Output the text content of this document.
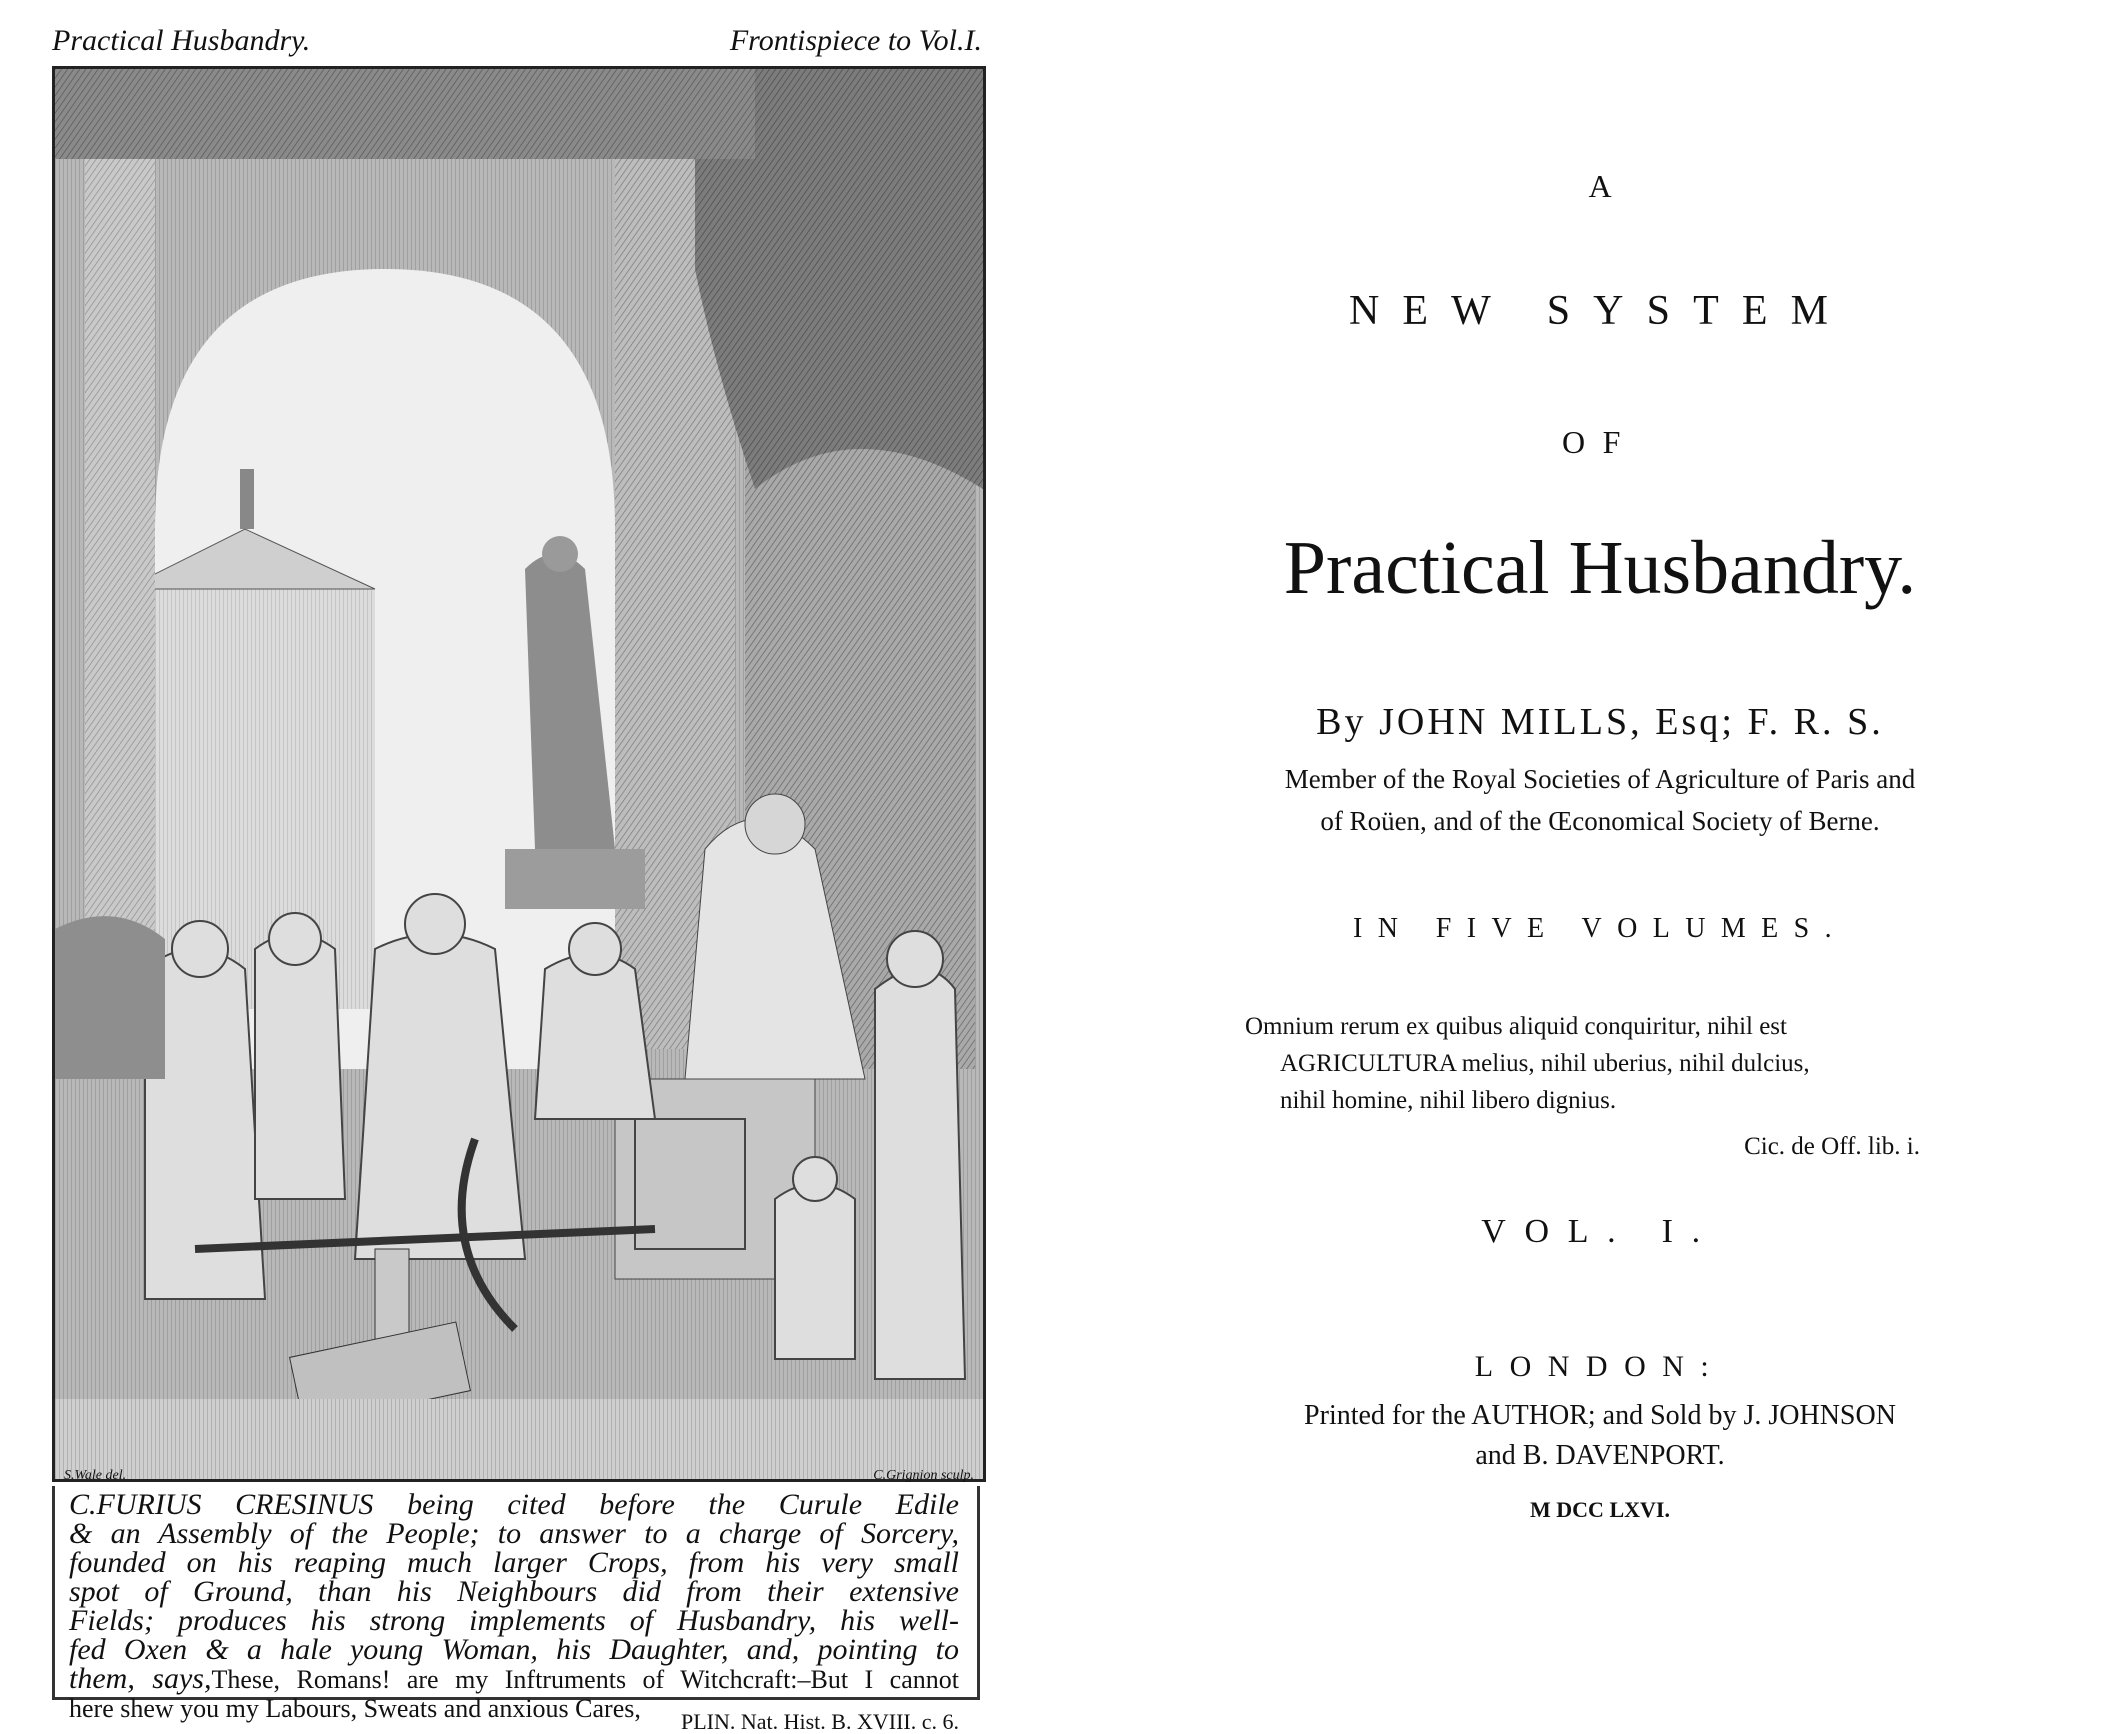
Practical Husbandry.	Frontispiece to Vol.I.
S.Wale del.	C.Grignion sculp.
C.FURIUS CRESINUS being cited before the Curule Edile
& an Assembly of the People; to answer to a charge of Sorcery,
founded on his reaping much larger Crops, from his very small
spot of Ground, than his Neighbours did from their extensive
Fields; produces his strong implements of Husbandry, his well-
fed Oxen & a hale young Woman, his Daughter, and, pointing to
them, says,These, Romans! are my Inftruments of Witchcraft:–But I cannot
here shew you my Labours, Sweats and anxious Cares,	PLIN. Nat. Hist. B. XVIII. c. 6.
A
NEW SYSTEM
OF
Practical Husbandry.
By JOHN MILLS, Esq; F. R. S.
Member of the Royal Societies of Agriculture of Paris and
of Roüen, and of the Œconomical Society of Berne.
IN FIVE VOLUMES.
Omnium rerum ex quibus aliquid conquiritur, nihil est
AGRICULTURA melius, nihil uberius, nihil dulcius,
nihil homine, nihil libero dignius.
Cic. de Off. lib. i.
VOL. I.
LONDON:
Printed for the AUTHOR; and Sold by J. JOHNSON
and B. DAVENPORT.
M DCC LXVI.
